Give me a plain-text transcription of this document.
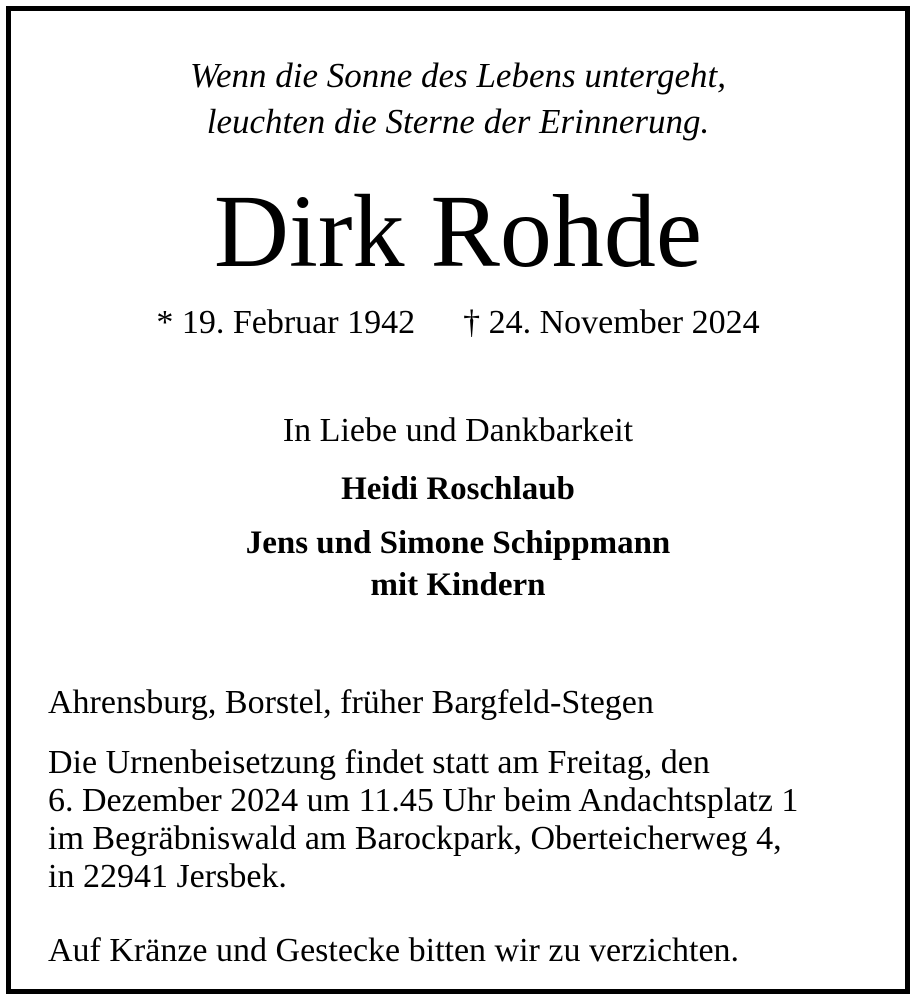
Wenn die Sonne des Lebens untergeht,
leuchten die Sterne der Erinnerung.
Dirk Rohde
* 19. Februar 1942 † 24. November 2024
In Liebe und Dankbarkeit
Heidi Roschlaub
Jens und Simone Schippmann
mit Kindern
Ahrensburg, Borstel, früher Bargfeld-Stegen
Die Urnenbeisetzung findet statt am Freitag, den
6. Dezember 2024 um 11.45 Uhr beim Andachtsplatz 1
im Begräbniswald am Barockpark, Oberteicherweg 4,
in 22941 Jersbek.
Auf Kränze und Gestecke bitten wir zu verzichten.
